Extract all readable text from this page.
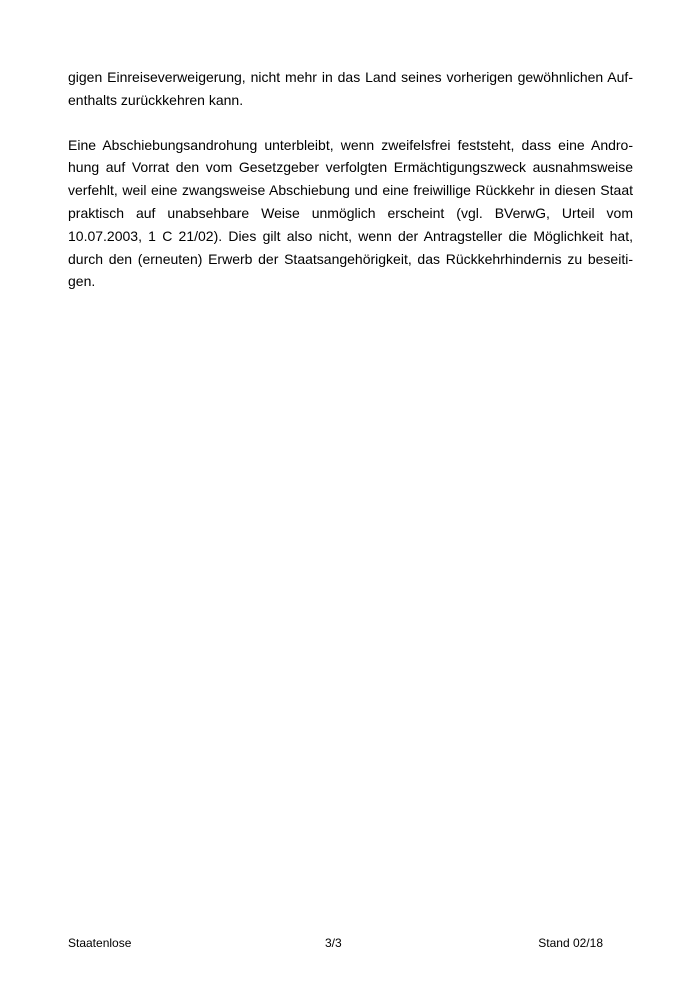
gigen Einreiseverweigerung, nicht mehr in das Land seines vorherigen gewöhnlichen Auf-
enthalts zurückkehren kann.
Eine Abschiebungsandrohung unterbleibt, wenn zweifelsfrei feststeht, dass eine Andro-
hung auf Vorrat den vom Gesetzgeber verfolgten Ermächtigungszweck ausnahmsweise
verfehlt, weil eine zwangsweise Abschiebung und eine freiwillige Rückkehr in diesen Staat
praktisch auf unabsehbare Weise unmöglich erscheint (vgl. BVerwG, Urteil vom
10.07.2003, 1 C 21/02). Dies gilt also nicht, wenn der Antragsteller die Möglichkeit hat,
durch den (erneuten) Erwerb der Staatsangehörigkeit, das Rückkehrhindernis zu beseiti-
gen.
Staatenlose	3/3	Stand 02/18
